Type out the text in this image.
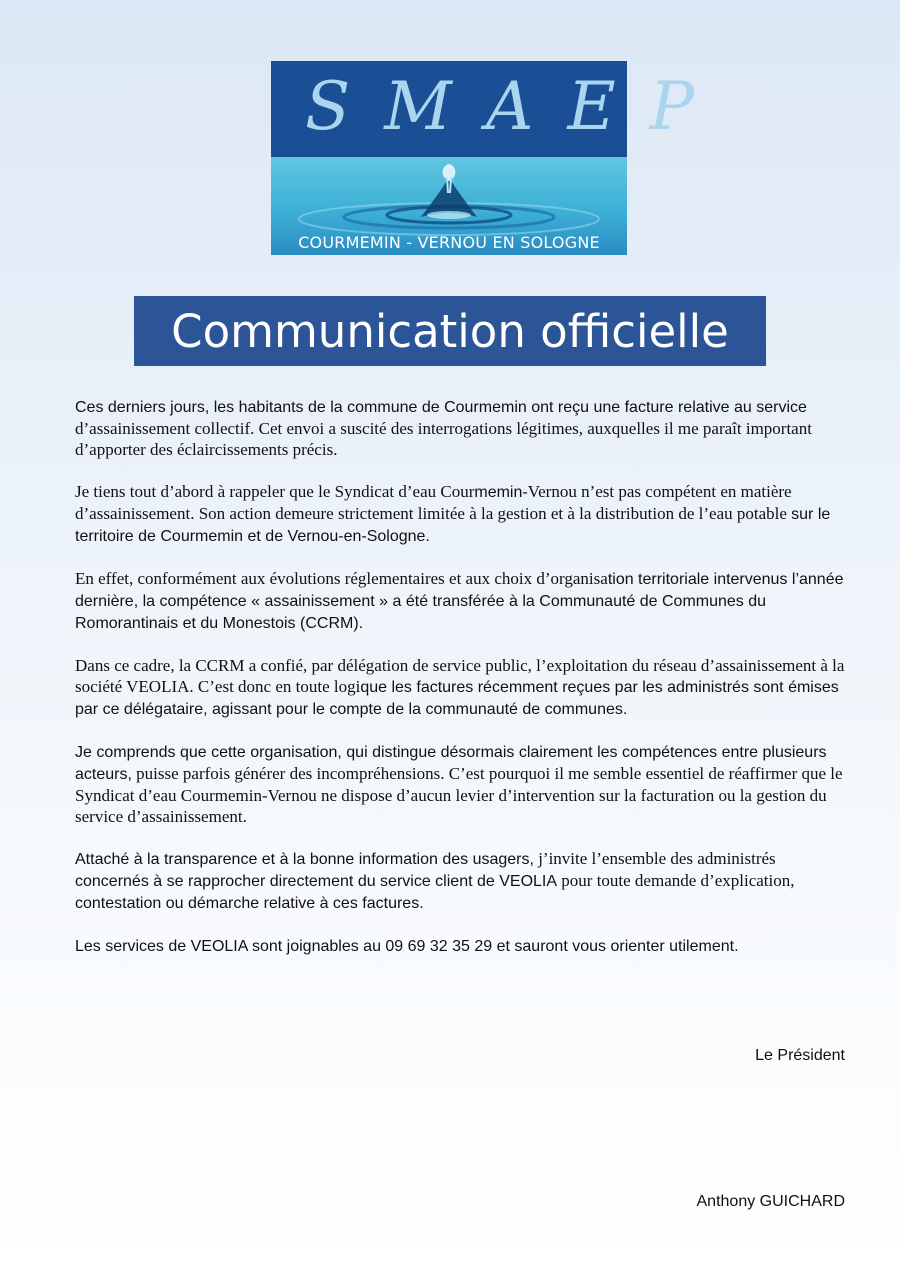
SMAEP
COURMEMIN - VERNOU EN SOLOGNE
Communication officielle

Ces derniers jours, les habitants de la commune de Courmemin ont reçu une facture relative au service d’assainissement collectif. Cet envoi a suscité des interrogations légitimes, auxquelles il me paraît important d’apporter des éclaircissements précis.

Je tiens tout d’abord à rappeler que le Syndicat d’eau Courmemin-Vernou n’est pas compétent en matière d’assainissement. Son action demeure strictement limitée à la gestion et à la distribution de l’eau potable sur le territoire de Courmemin et de Vernou-en-Sologne.

En effet, conformément aux évolutions réglementaires et aux choix d’organisation territoriale intervenus l’année dernière, la compétence « assainissement » a été transférée à la Communauté de Communes du Romorantinais et du Monestois (CCRM).

Dans ce cadre, la CCRM a confié, par délégation de service public, l’exploitation du réseau d’assainissement à la société VEOLIA. C’est donc en toute logique les factures récemment reçues par les administrés sont émises par ce délégataire, agissant pour le compte de la communauté de communes.

Je comprends que cette organisation, qui distingue désormais clairement les compétences entre plusieurs acteurs, puisse parfois générer des incompréhensions. C’est pourquoi il me semble essentiel de réaffirmer que le Syndicat d’eau Courmemin-Vernou ne dispose d’aucun levier d’intervention sur la facturation ou la gestion du service d’assainissement.

Attaché à la transparence et à la bonne information des usagers, j’invite l’ensemble des administrés concernés à se rapprocher directement du service client de VEOLIA pour toute demande d’explication, contestation ou démarche relative à ces factures.

Les services de VEOLIA sont joignables au 09 69 32 35 29 et sauront vous orienter utilement.

Le Président
Anthony GUICHARD
